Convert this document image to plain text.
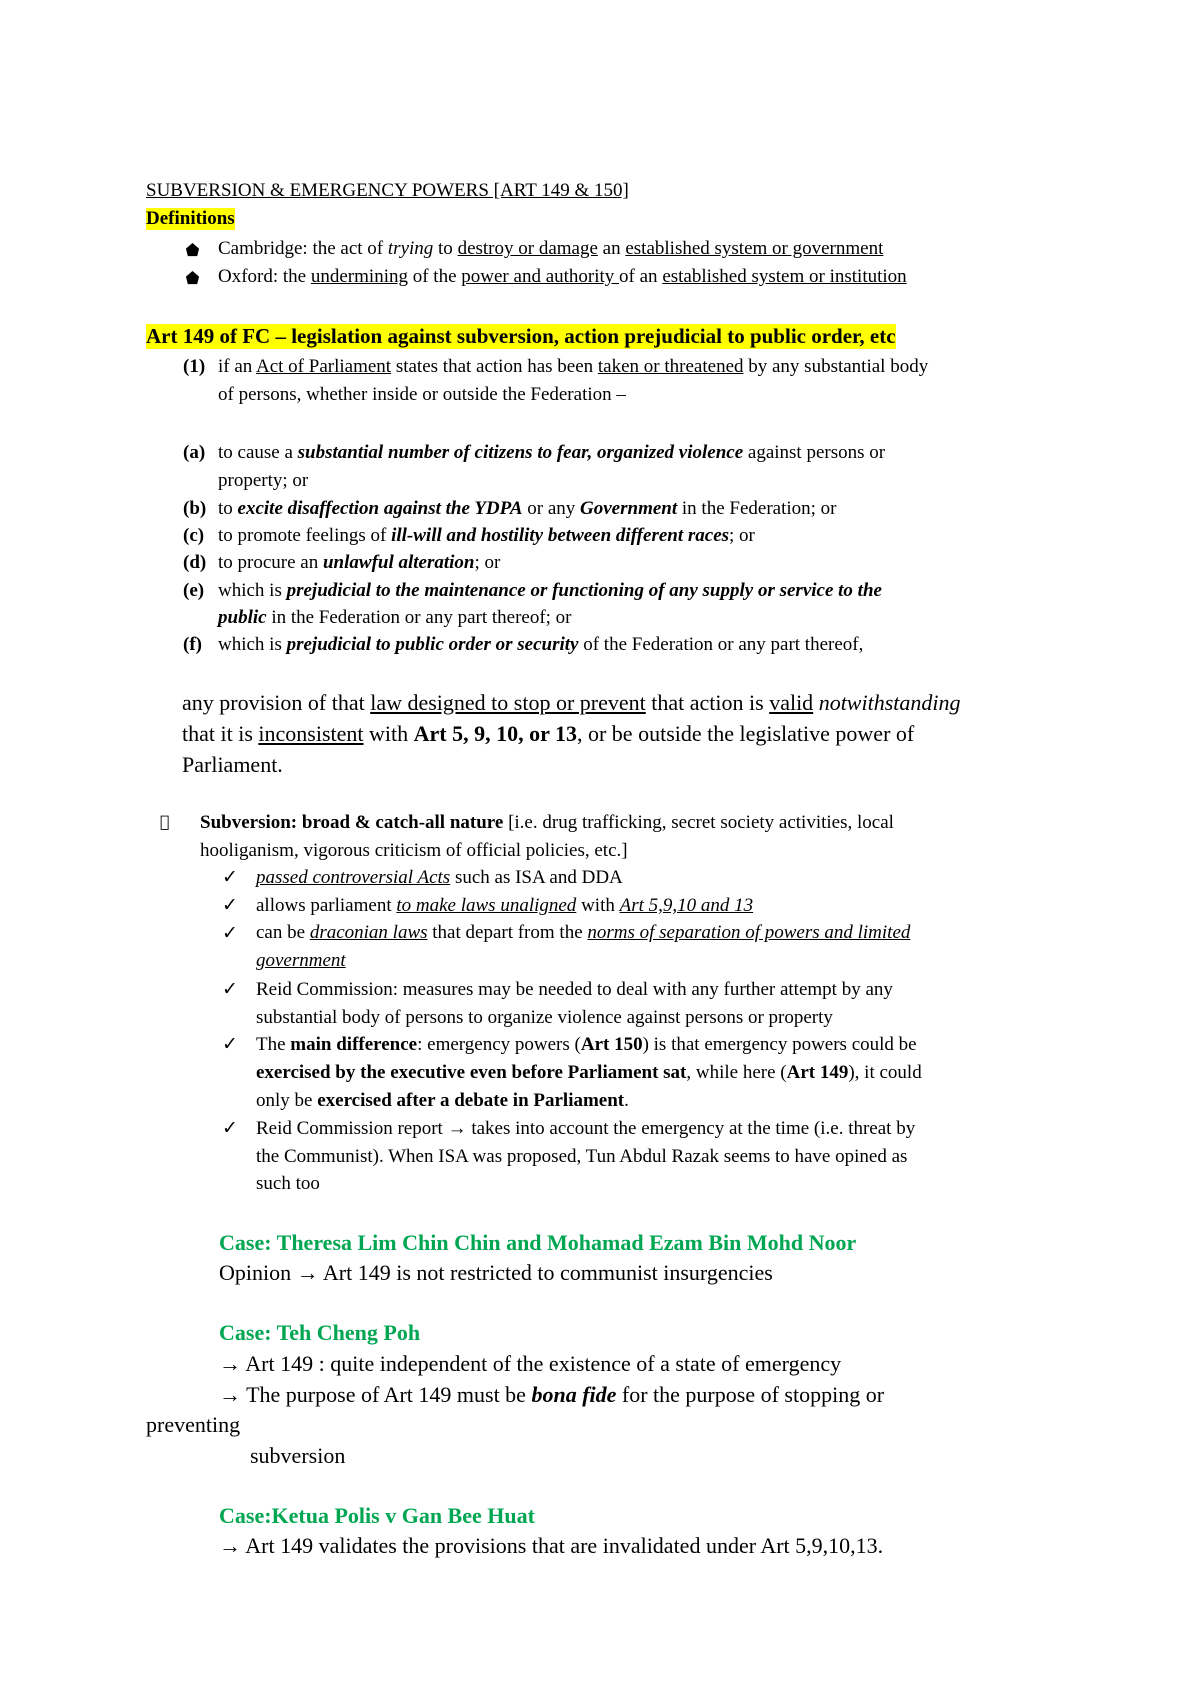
SUBVERSION & EMERGENCY POWERS [ART 149 & 150]
Definitions
Cambridge: the act of trying to destroy or damage an established system or government
Oxford: the undermining of the power and authority of an established system or institution
Art 149 of FC – legislation against subversion, action prejudicial to public order, etc
(1) if an Act of Parliament states that action has been taken or threatened by any substantial body
of persons, whether inside or outside the Federation –
(a) to cause a substantial number of citizens to fear, organized violence against persons or
property; or
(b) to excite disaffection against the YDPA or any Government in the Federation; or
(c) to promote feelings of ill-will and hostility between different races; or
(d) to procure an unlawful alteration; or
(e) which is prejudicial to the maintenance or functioning of any supply or service to the
public in the Federation or any part thereof; or
(f) which is prejudicial to public order or security of the Federation or any part thereof,
any provision of that law designed to stop or prevent that action is valid notwithstanding
that it is inconsistent with Art 5, 9, 10, or 13, or be outside the legislative power of
Parliament.
Subversion: broad & catch-all nature [i.e. drug trafficking, secret society activities, local
hooliganism, vigorous criticism of official policies, etc.]
✓ passed controversial Acts such as ISA and DDA
✓ allows parliament to make laws unaligned with Art 5,9,10 and 13
✓ can be draconian laws that depart from the norms of separation of powers and limited
government
✓ Reid Commission: measures may be needed to deal with any further attempt by any
substantial body of persons to organize violence against persons or property
✓ The main difference: emergency powers (Art 150) is that emergency powers could be
exercised by the executive even before Parliament sat, while here (Art 149), it could
only be exercised after a debate in Parliament.
✓ Reid Commission report → takes into account the emergency at the time (i.e. threat by
the Communist). When ISA was proposed, Tun Abdul Razak seems to have opined as
such too
Case: Theresa Lim Chin Chin and Mohamad Ezam Bin Mohd Noor
Opinion → Art 149 is not restricted to communist insurgencies
Case: Teh Cheng Poh
→ Art 149 : quite independent of the existence of a state of emergency
→ The purpose of Art 149 must be bona fide for the purpose of stopping or
preventing
subversion
Case:Ketua Polis v Gan Bee Huat
→ Art 149 validates the provisions that are invalidated under Art 5,9,10,13.
